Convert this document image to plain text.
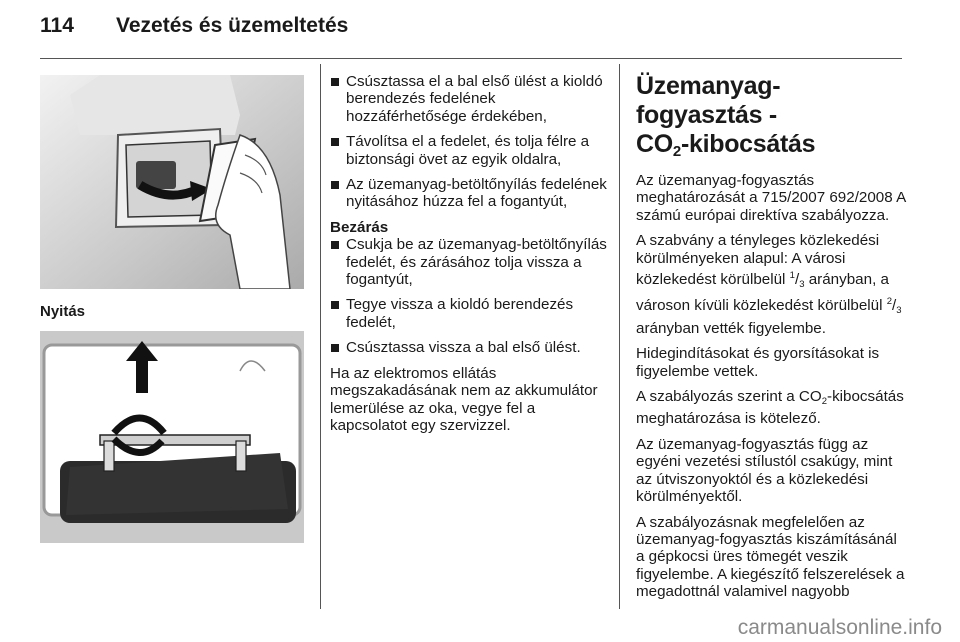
114 Vezetés és üzemeltetés
Nyitás
Csúsztassa el a bal első ülést a kioldó berendezés fedelének hozzáférhetősége érdekében,
Távolítsa el a fedelet, és tolja félre a biztonsági övet az egyik oldalra,
Az üzemanyag-betöltőnyílás fedelének nyitásához húzza fel a fogantyút,

Bezárás

Csukja be az üzemanyag-betöltőnyílás fedelét, és zárásához tolja vissza a fogantyút,
Tegye vissza a kioldó berendezés fedelét,
Csúsztassa vissza a bal első ülést.

Ha az elektromos ellátás megszakadásának nem az akkumulátor lemerülése az oka, vegye fel a kapcsolatot egy szervizzel.

Üzemanyag-fogyasztás -
$CO_2$-kibocsátás

Az üzemanyag-fogyasztás meghatározását a 715/2007 692/2008 A számú európai direktíva szabályozza.

A szabvány a tényleges közlekedési körülményeken alapul: A városi közlekedést körülbelül $^1/_3$ arányban, a városon kívüli közlekedést körülbelül $^2/_3$ arányban vették figyelembe.

Hidegindításokat és gyorsításokat is figyelembe vettek.

A szabályozás szerint a $CO_2$-kibocsátás meghatározása is kötelező.

Az üzemanyag-fogyasztás függ az egyéni vezetési stílustól csakúgy, mint az útviszonyoktól és a közlekedési körülményektől.

A szabályozásnak megfelelően az üzemanyag-fogyasztás kiszámításánál a gépkocsi üres tömegét veszik figyelembe. A kiegészítő felszerelések a megadottnál valamivel nagyobb

carmanualsonline.info
